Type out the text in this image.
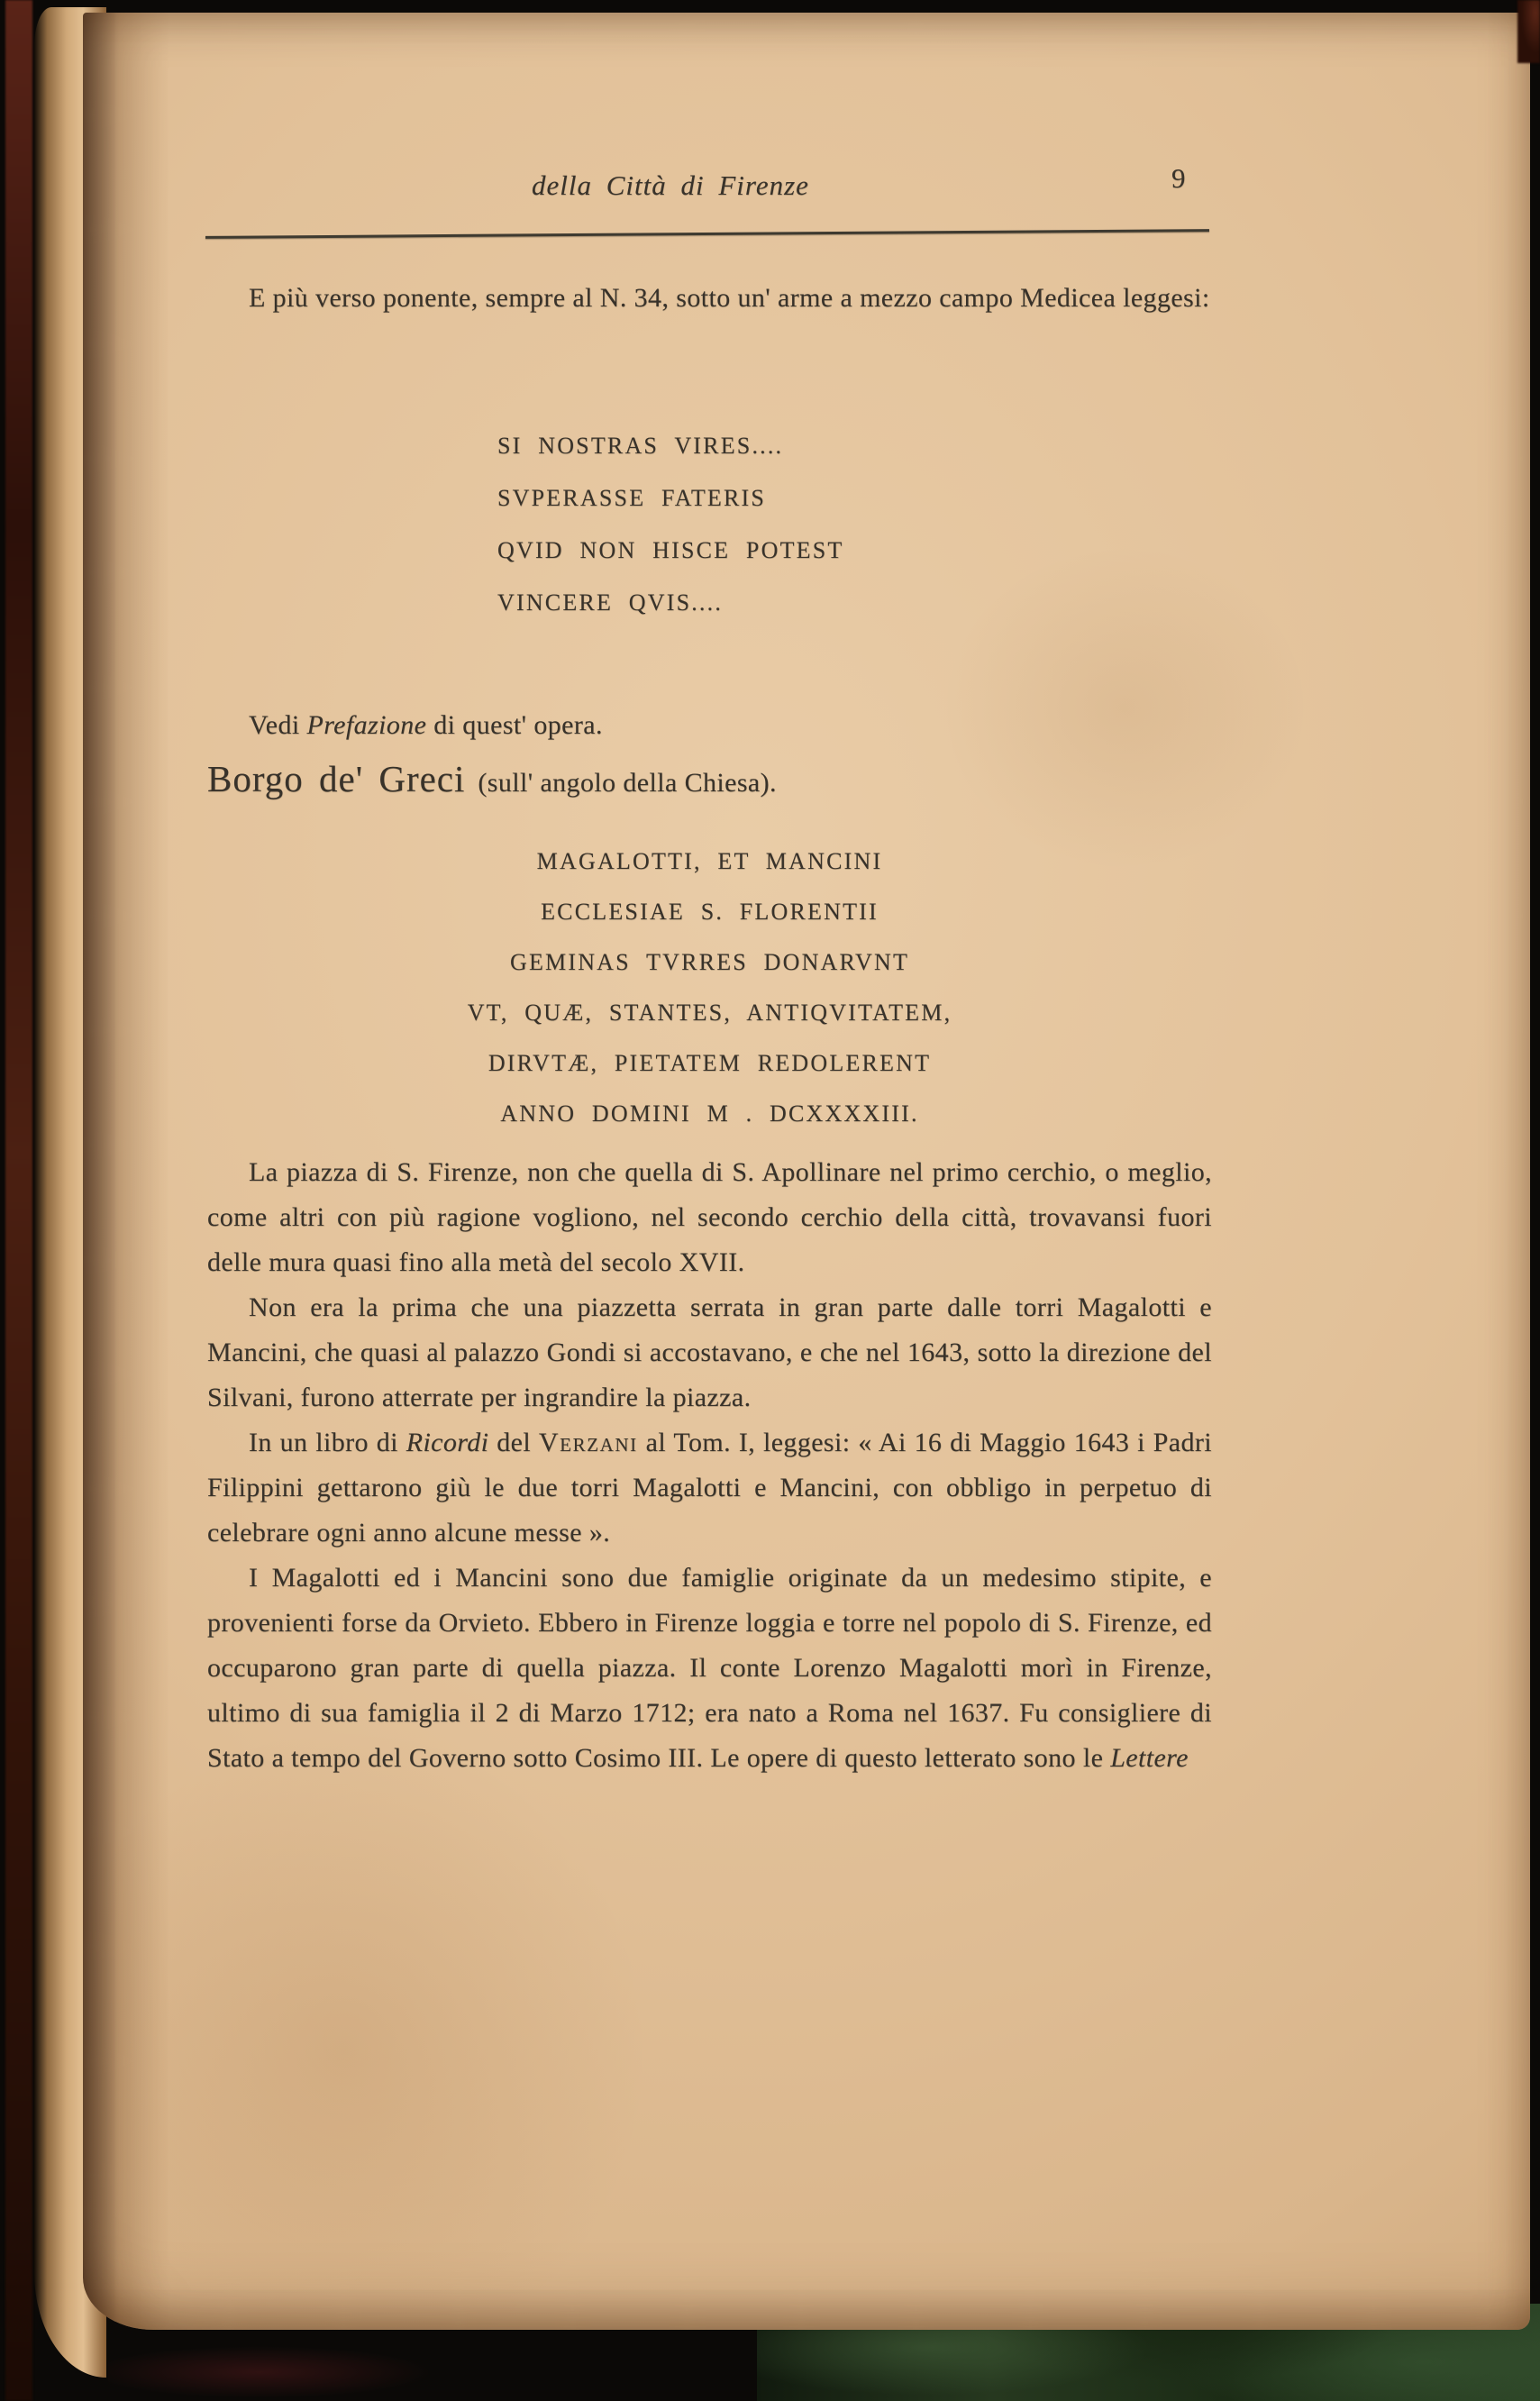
della Città di Firenze	9

E più verso ponente, sempre al N. 34, sotto un' arme a mezzo campo Medicea leggesi:

SI NOSTRAS VIRES....
SVPERASSE FATERIS
QVID NON HISCE POTEST
VINCERE QVIS....

Vedi Prefazione di quest' opera.

Borgo de' Greci (sull' angolo della Chiesa).
MAGALOTTI, ET MANCINI
ECCLESIAE S. FLORENTII
GEMINAS TVRRES DONARVNT
VT, QUÆ, STANTES, ANTIQVITATEM,
DIRVTÆ, PIETATEM REDOLERENT
ANNO DOMINI M . DCXXXXIII.

La piazza di S. Firenze, non che quella di S. Apollinare nel primo cerchio, o meglio, come altri con più ragione vogliono, nel secondo cerchio della città, trovavansi fuori delle mura quasi fino alla metà del secolo XVII.

Non era la prima che una piazzetta serrata in gran parte dalle torri Magalotti e Mancini, che quasi al palazzo Gondi si accostavano, e che nel 1643, sotto la direzione del Silvani, furono atterrate per ingrandire la piazza.

In un libro di Ricordi del Verzani al Tom. I, leggesi: « Ai 16 di Maggio 1643 i Padri Filippini gettarono giù le due torri Magalotti e Mancini, con obbligo in perpetuo di celebrare ogni anno alcune messe ».

I Magalotti ed i Mancini sono due famiglie originate da un medesimo stipite, e provenienti forse da Orvieto. Ebbero in Firenze loggia e torre nel popolo di S. Firenze, ed occuparono gran parte di quella piazza. Il conte Lorenzo Magalotti morì in Firenze, ultimo di sua famiglia il 2 di Marzo 1712; era nato a Roma nel 1637. Fu consigliere di Stato a tempo del Governo sotto Cosimo III. Le opere di questo letterato sono le Lettere
